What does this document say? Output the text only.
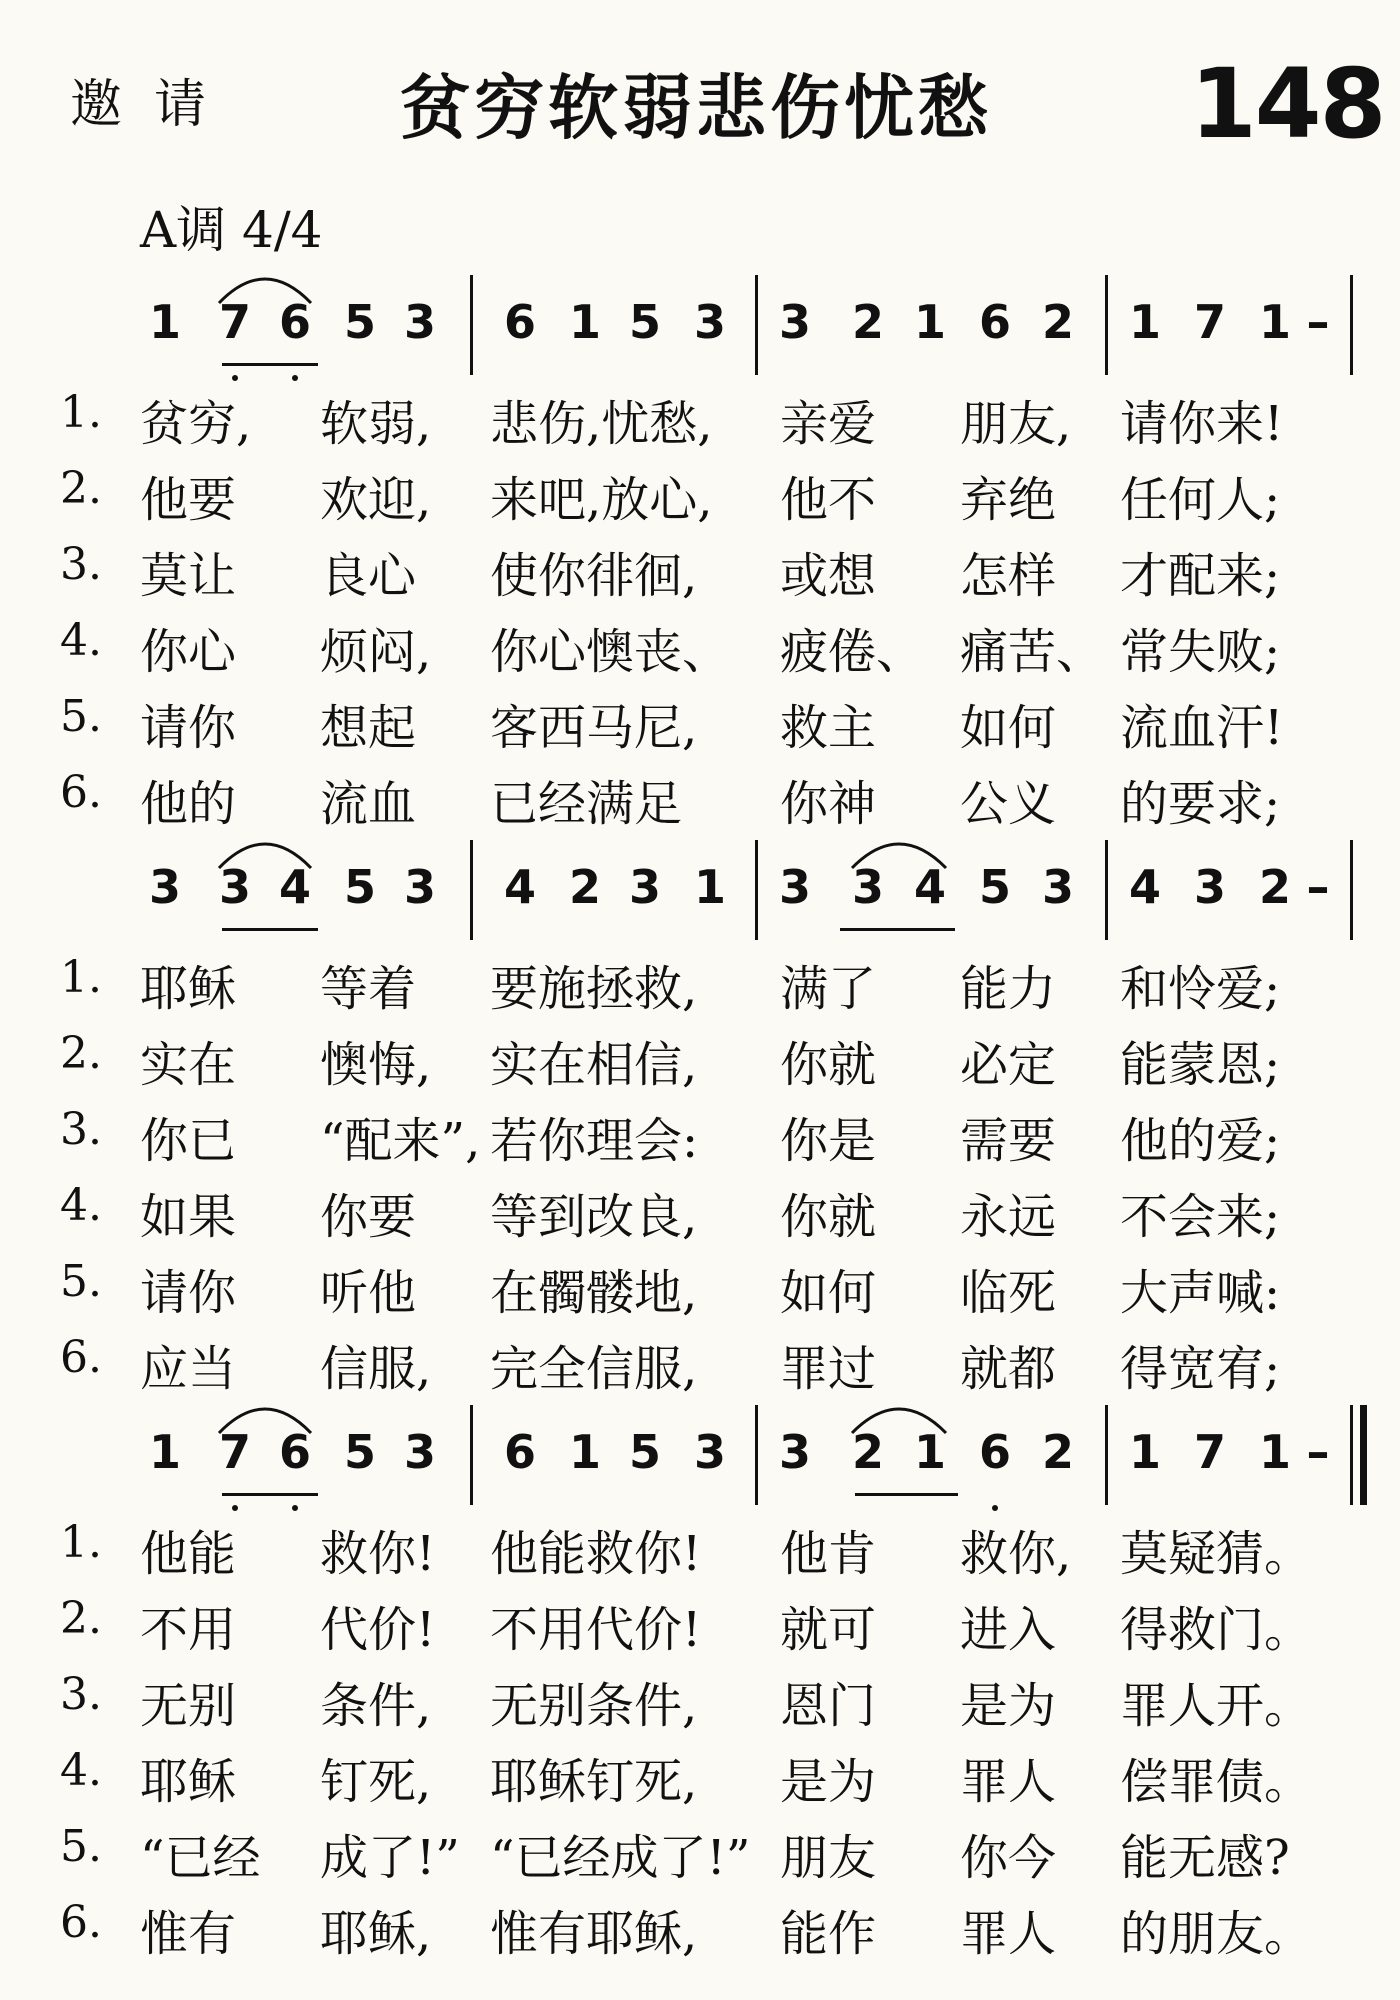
邀请 贫穷软弱悲伤忧愁 148
A调 4/4
1 7 6 5 3 6 1 5 3 3 2 1 6 2 1 7 1 –
1. 贫穷, 软弱, 悲伤,忧愁, 亲爱 朋友, 请你来!
2. 他要 欢迎, 来吧,放心, 他不 弃绝 任何人;
3. 莫让 良心 使你徘徊, 或想 怎样 才配来;
4. 你心 烦闷, 你心懊丧、 疲倦、 痛苦、 常失败;
5. 请你 想起 客西马尼, 救主 如何 流血汗!
6. 他的 流血 已经满足 你神 公义 的要求;
3 3 4 5 3 4 2 3 1 3 3 4 5 3 4 3 2 –
1. 耶稣 等着 要施拯救, 满了 能力 和怜爱;
2. 实在 懊悔, 实在相信, 你就 必定 能蒙恩;
3. 你已 “配来”, 若你理会: 你是 需要 他的爱;
4. 如果 你要 等到改良, 你就 永远 不会来;
5. 请你 听他 在髑髅地, 如何 临死 大声喊:
6. 应当 信服, 完全信服, 罪过 就都 得宽宥;
1 7 6 5 3 6 1 5 3 3 2 1 6 2 1 7 1 –
1. 他能 救你! 他能救你! 他肯 救你, 莫疑猜。
2. 不用 代价! 不用代价! 就可 进入 得救门。
3. 无别 条件, 无别条件, 恩门 是为 罪人开。
4. 耶稣 钉死, 耶稣钉死, 是为 罪人 偿罪债。
5. “已经 成了!” “已经成了!” 朋友 你今 能无感?
6. 惟有 耶稣, 惟有耶稣, 能作 罪人 的朋友。
